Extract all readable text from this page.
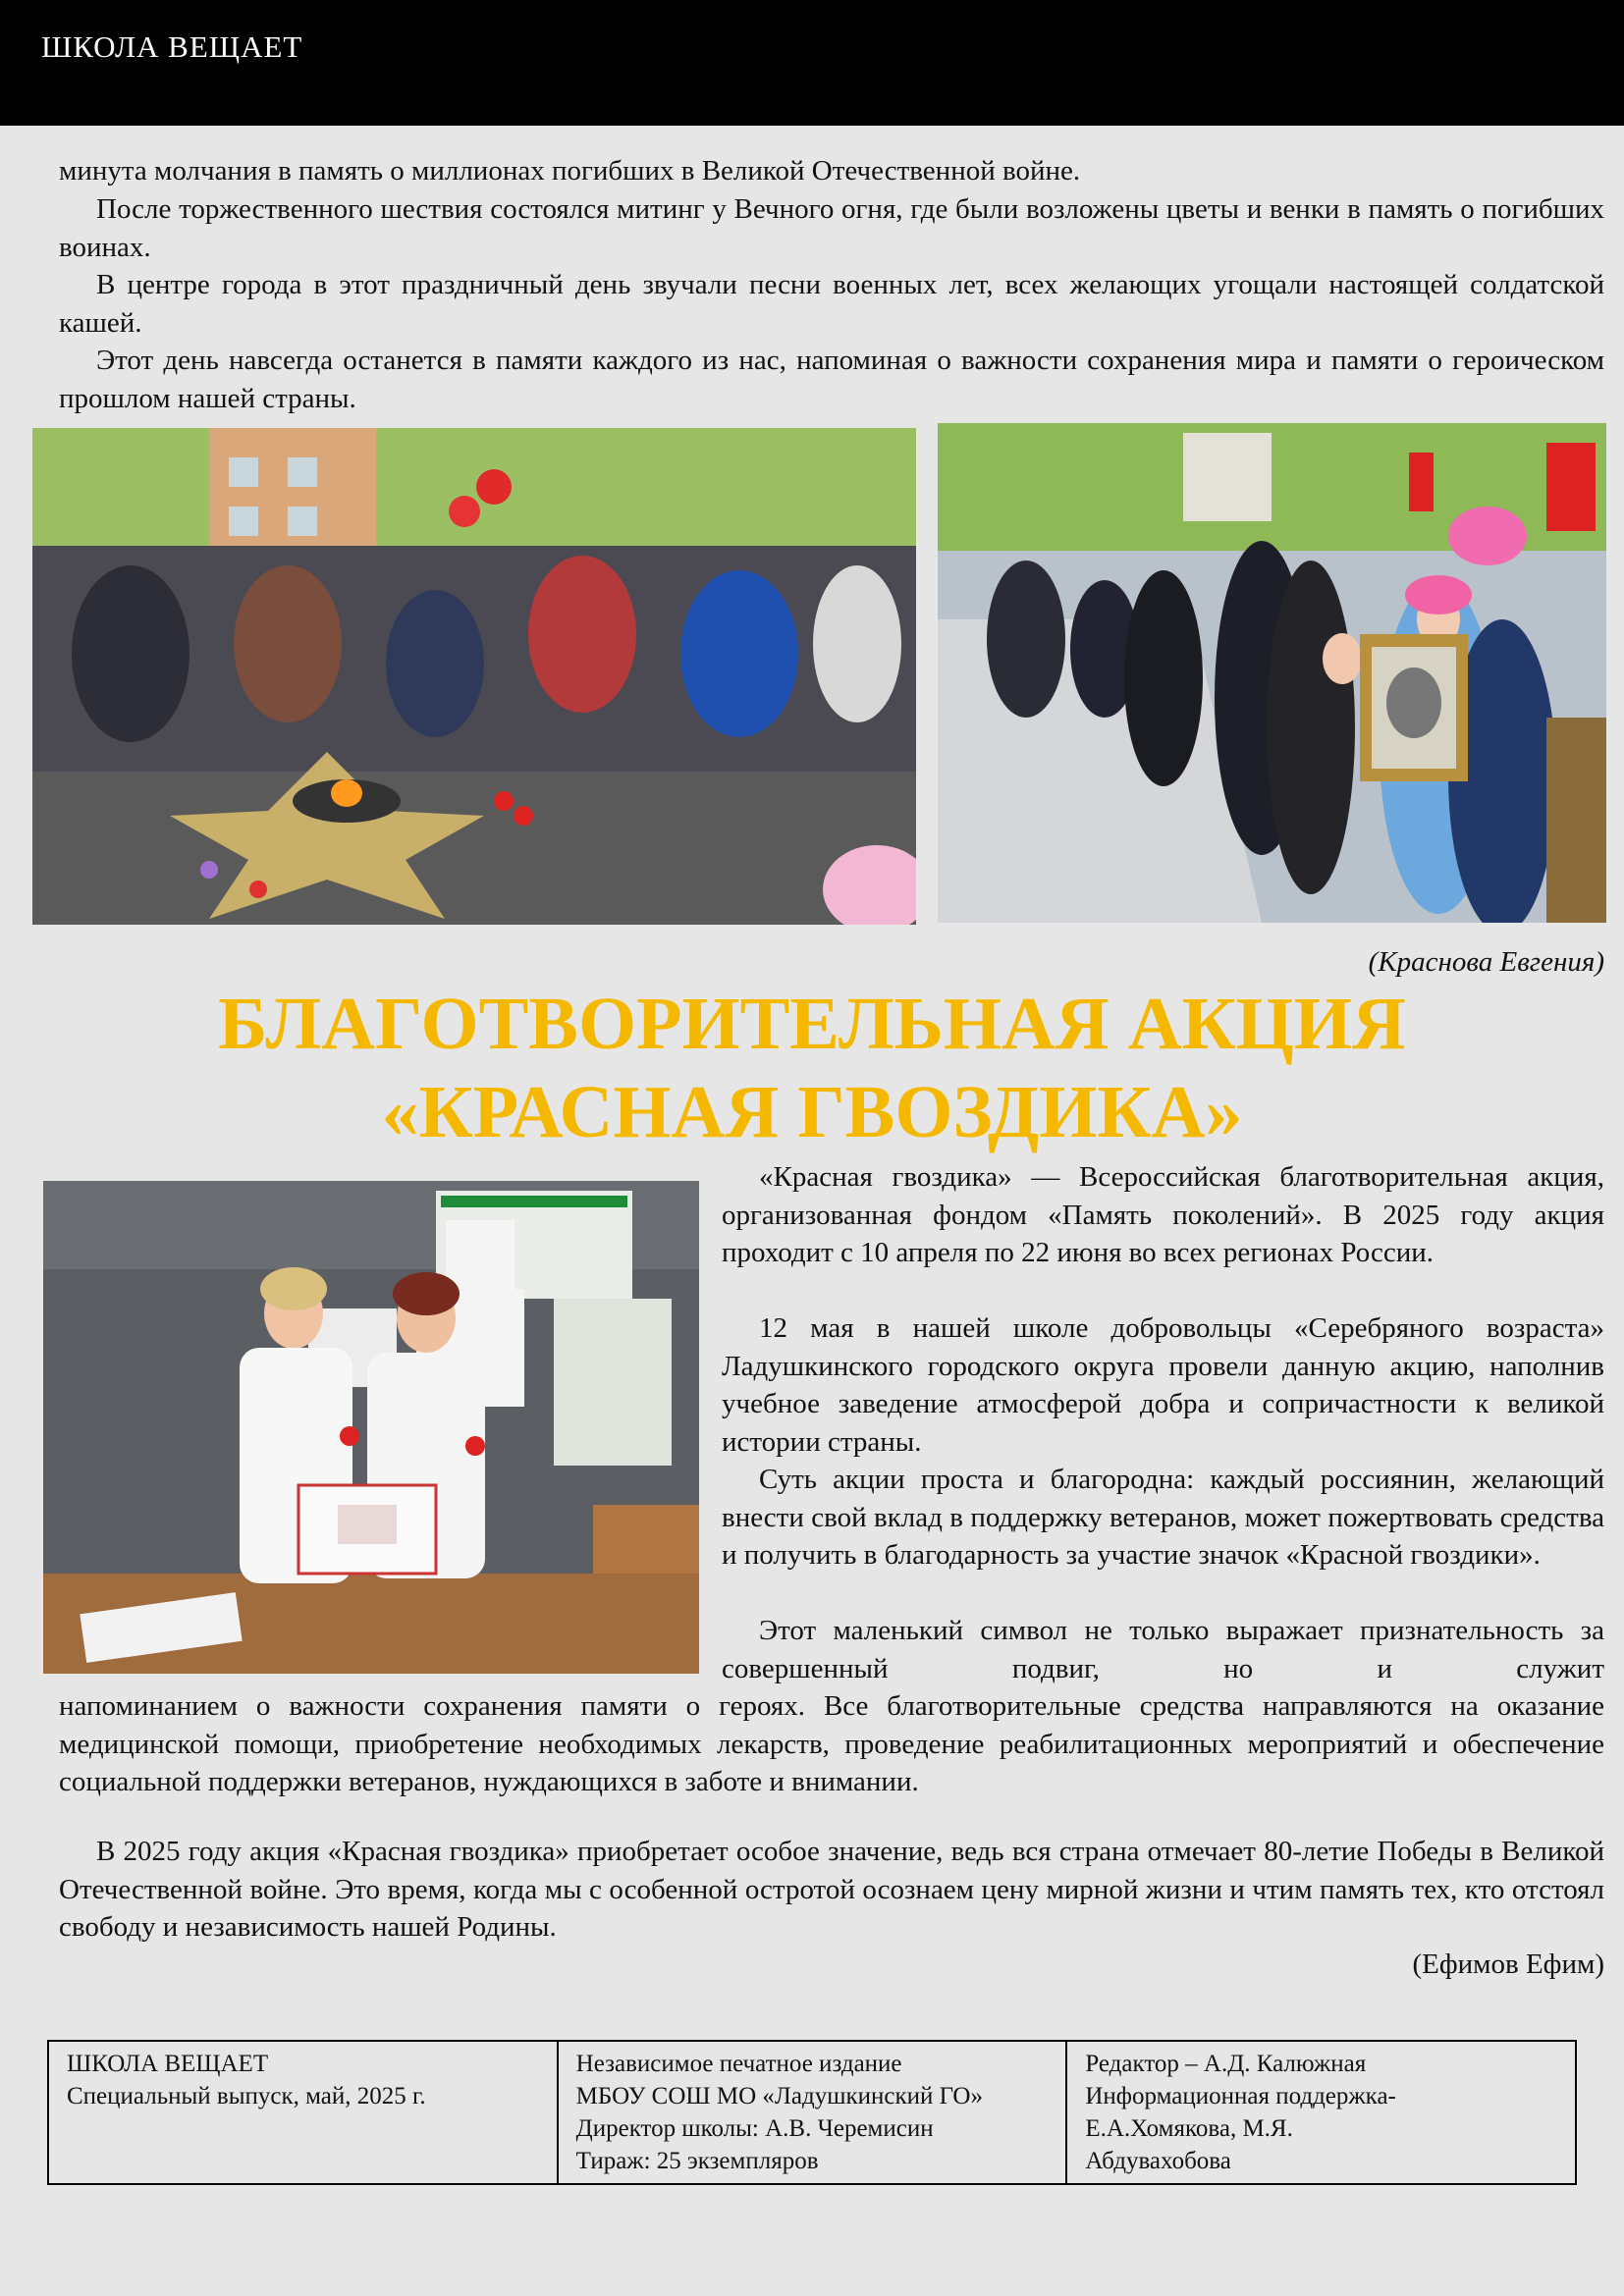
ШКОЛА ВЕЩАЕТ

минута молчания в память о миллионах погибших в Великой Отечественной войне.

После торжественного шествия состоялся митинг у Вечного огня, где были возложены цветы и венки в память о погибших воинах.

В центре города в этот праздничный день звучали песни военных лет, всех желающих угощали настоящей солдатской кашей.

Этот день навсегда останется в памяти каждого из нас, напоминая о важности сохранения мира и памяти о героическом прошлом нашей страны.

(Краснова Евгения)
БЛАГОТВОРИТЕЛЬНАЯ АКЦИЯ
«КРАСНАЯ ГВОЗДИКА»

«Красная гвоздика» — Всероссийская благотворительная акция, организованная фондом «Память поколений». В 2025 году акция проходит с 10 апреля по 22 июня во всех регионах России.

12 мая в нашей школе добровольцы «Серебряного возраста» Ладушкинского городского округа провели данную акцию, наполнив учебное заведение атмосферой добра и сопричастности к великой истории страны.

Суть акции проста и благородна: каждый россиянин, желающий внести свой вклад в поддержку ветеранов, может пожертвовать средства и получить в благодарность за участие значок «Красной гвоздики».

Этот маленький символ не только выражает признательность за совершенный подвиг, но и служит

напоминанием о важности сохранения памяти о героях. Все благотворительные средства направляются на оказание медицинской помощи, приобретение необходимых лекарств, проведение реабилитационных мероприятий и обеспечение социальной поддержки ветеранов, нуждающихся в заботе и внимании.

В 2025 году акция «Красная гвоздика» приобретает особое значение, ведь вся страна отмечает 80-летие Победы в Великой Отечественной войне. Это время, когда мы с особенной остротой осознаем цену мирной жизни и чтим память тех, кто отстоял свободу и независимость нашей Родины.

(Ефимов Ефим)
ШКОЛА ВЕЩАЕТ
Специальный выпуск, май, 2025 г.
Независимое печатное издание
МБОУ СОШ МО «Ладушкинский ГО»
Директор школы: А.В. Черемисин
Тираж: 25 экземпляров
Редактор – А.Д. Калюжная
Информационная поддержка-
Е.А.Хомякова, М.Я.
Абдувахобова
